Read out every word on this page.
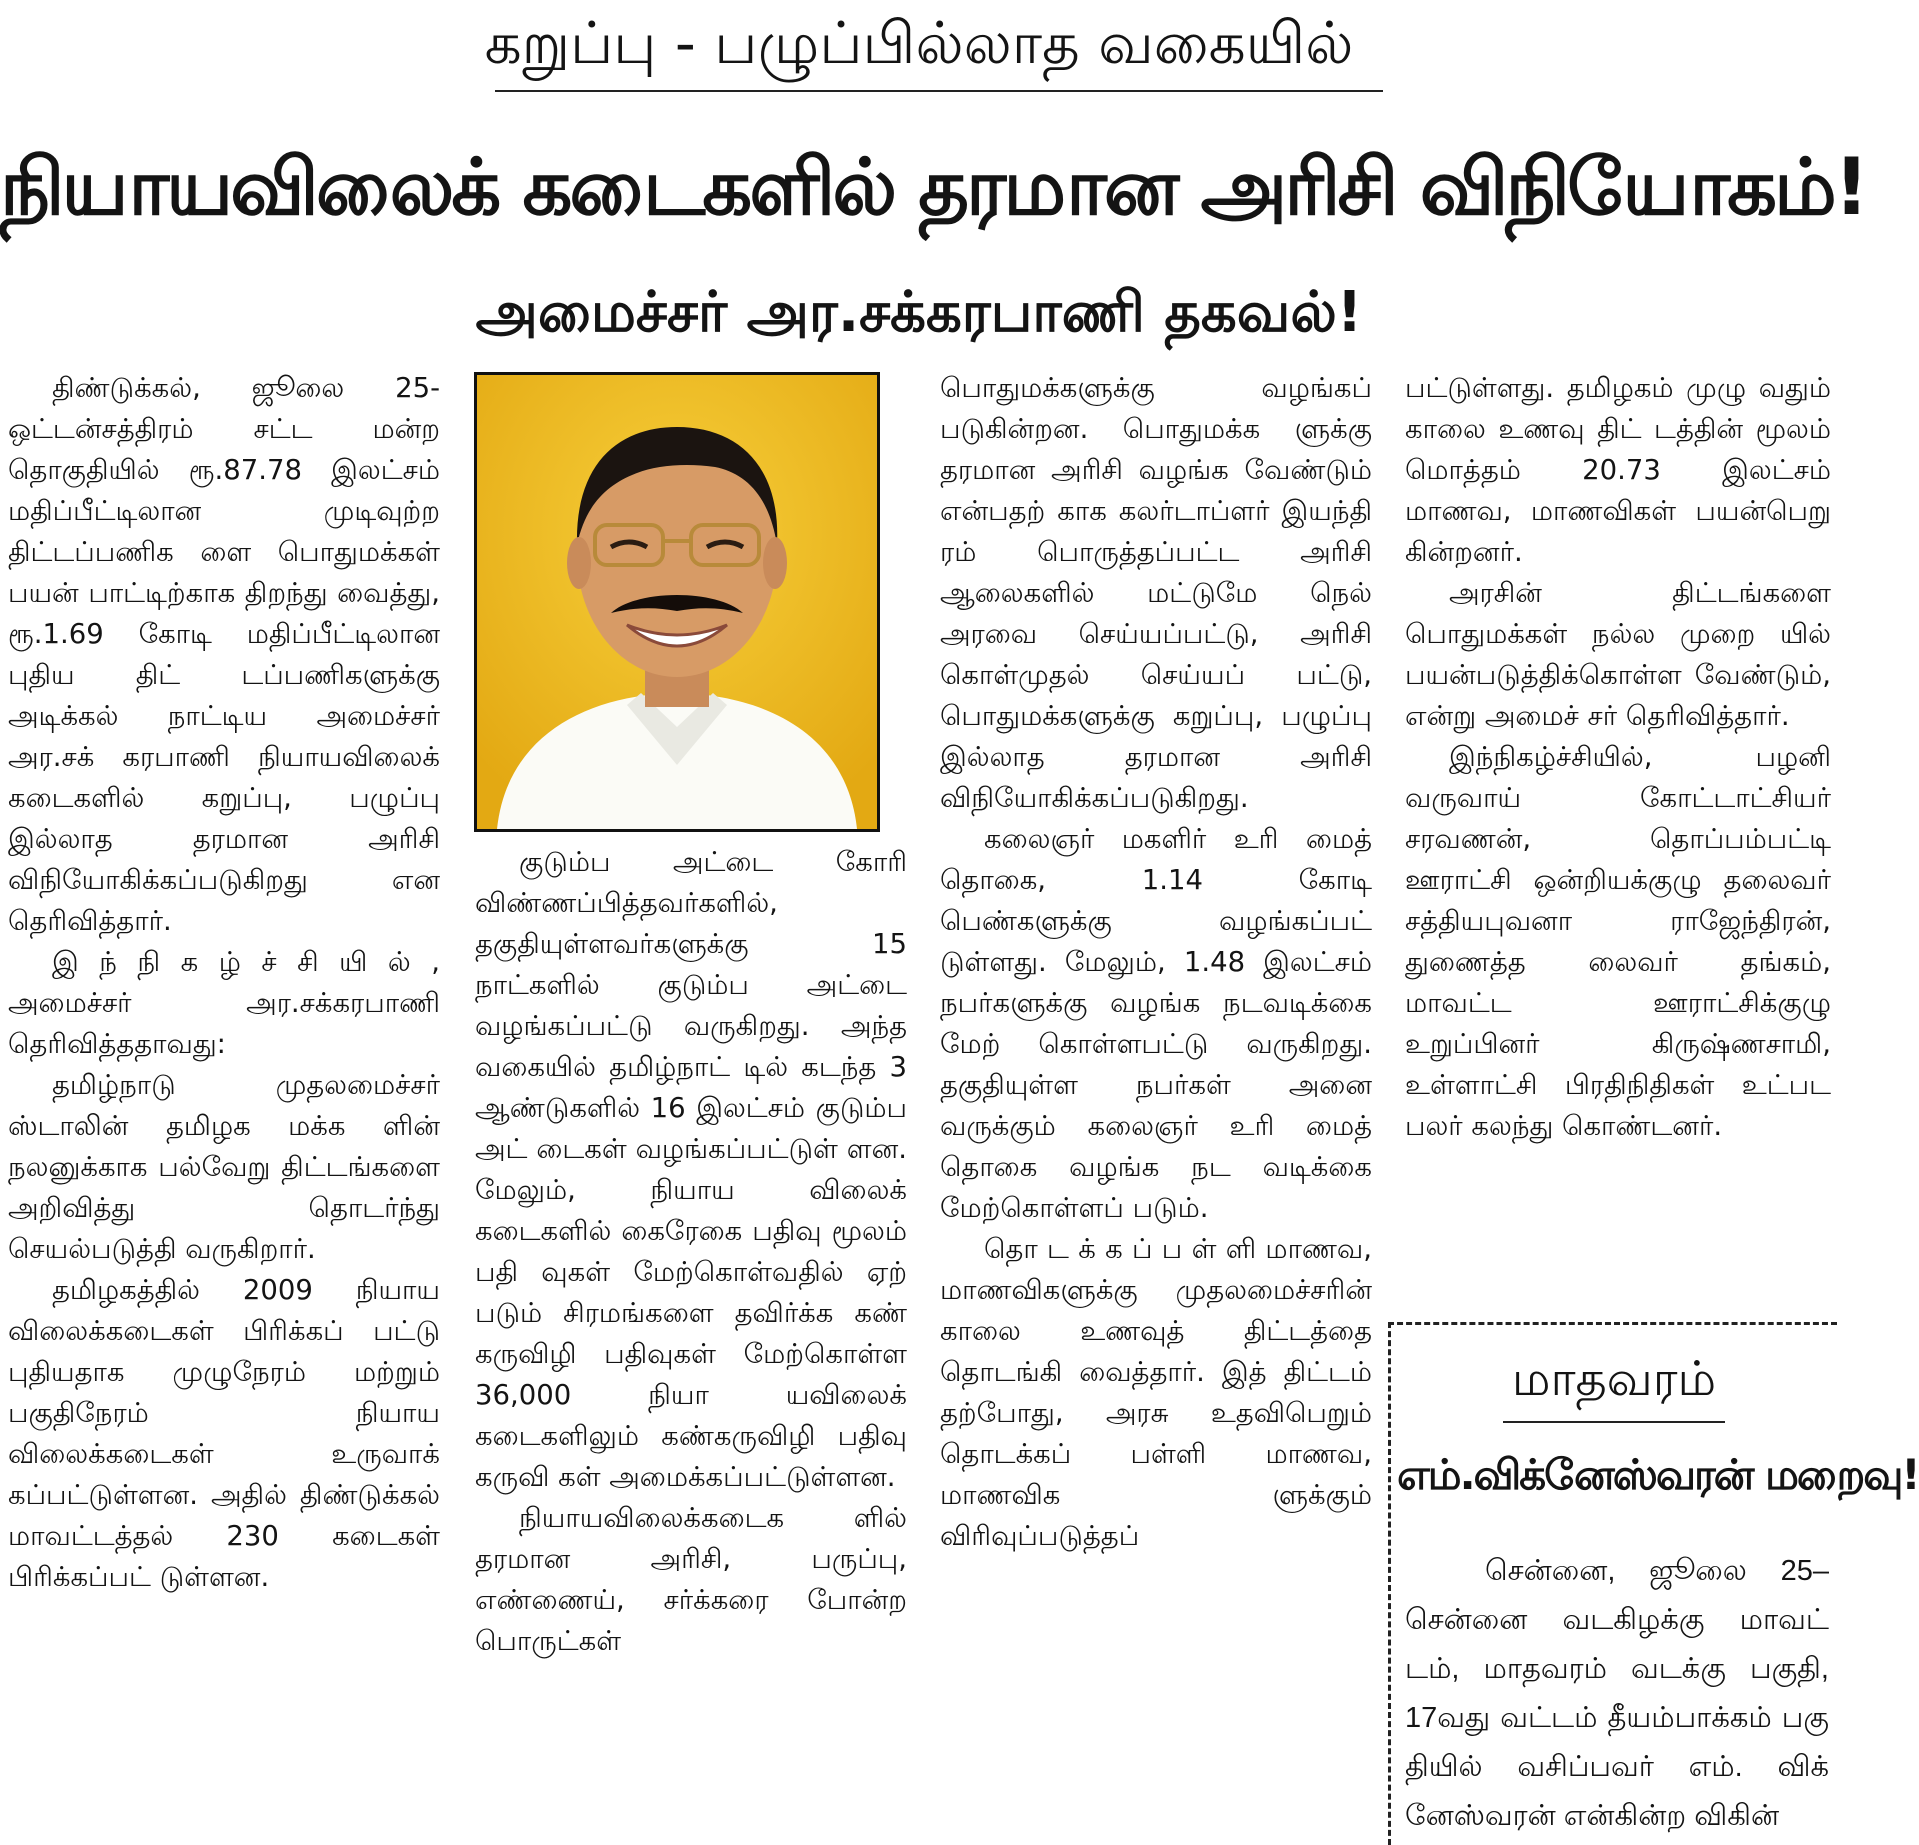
கறுப்பு - பழுப்பில்லாத வகையில்
நியாயவிலைக் கடைகளில் தரமான அரிசி விநியோகம்!
அமைச்சர் அர.சக்கரபாணி தகவல்!

திண்டுக்கல், ஜூலை 25- ஒட்டன்சத்திரம் சட்ட மன்ற தொகுதியில் ரூ.87.78 இலட்சம் மதிப்பீட்டிலான முடிவுற்ற திட்டப்பணிக ளை பொதுமக்கள் பயன் பாட்டிற்காக திறந்து வைத்து, ரூ.1.69 கோடி மதிப்பீட்டிலான புதிய திட் டப்பணிகளுக்கு அடிக்கல் நாட்டிய அமைச்சர் அர.சக் கரபாணி நியாயவிலைக் கடைகளில் கறுப்பு, பழுப்பு இல்லாத தரமான அரிசி விநியோகிக்கப்படுகிறது என தெரிவித்தார்.

இ ந் நி க ழ் ச் சி யி ல் , அமைச்சர் அர.சக்கரபாணி தெரிவித்ததாவது:

தமிழ்நாடு முதலமைச்சர் ஸ்டாலின் தமிழக மக்க ளின் நலனுக்காக பல்வேறு திட்டங்களை அறிவித்து தொடர்ந்து செயல்படுத்தி வருகிறார்.

தமிழகத்தில் 2009 நியாய விலைக்கடைகள் பிரிக்கப் பட்டு புதியதாக முழுநேரம் மற்றும் பகுதிநேரம் நியாய விலைக்கடைகள் உருவாக் கப்பட்டுள்ளன. அதில் திண்டுக்கல் மாவட்டத்தல் 230 கடைகள் பிரிக்கப்பட் டுள்ளன.

குடும்ப அட்டை கோரி விண்ணப்பித்தவர்களில், தகுதியுள்ளவர்களுக்கு 15 நாட்களில் குடும்ப அட்டை வழங்கப்பட்டு வருகிறது. அந்த வகையில் தமிழ்நாட் டில் கடந்த 3 ஆண்டுகளில் 16 இலட்சம் குடும்ப அட் டைகள் வழங்கப்பட்டுள் ளன. மேலும், நியாய விலைக் கடைகளில் கைரேகை பதிவு மூலம் பதி வுகள் மேற்கொள்வதில் ஏற் படும் சிரமங்களை தவிர்க்க கண் கருவிழி பதிவுகள் மேற்கொள்ள 36,000 நியா யவிலைக் கடைகளிலும் கண்கருவிழி பதிவு கருவி கள் அமைக்கப்பட்டுள்ளன.

நியாயவிலைக்கடைக ளில் தரமான அரிசி, பருப்பு, எண்ணைய், சர்க்கரை போன்ற பொருட்கள்

பொதுமக்களுக்கு வழங்கப் படுகின்றன. பொதுமக்க ளுக்கு தரமான அரிசி வழங்க வேண்டும் என்பதற் காக கலர்டாப்ளர் இயந்தி ரம் பொருத்தப்பட்ட அரிசி ஆலைகளில் மட்டுமே நெல் அரவை செய்யப்பட்டு, அரிசி கொள்முதல் செய்யப் பட்டு, பொதுமக்களுக்கு கறுப்பு, பழுப்பு இல்லாத தரமான அரிசி விநியோகிக்கப்படுகிறது.

கலைஞர் மகளிர் உரி மைத் தொகை, 1.14 கோடி பெண்களுக்கு வழங்கப்பட் டுள்ளது. மேலும், 1.48 இலட்சம் நபர்களுக்கு வழங்க நடவடிக்கை மேற் கொள்ளபட்டு வருகிறது. தகுதியுள்ள நபர்கள் அனை வருக்கும் கலைஞர் உரி மைத் தொகை வழங்க நட வடிக்கை மேற்கொள்ளப் படும்.

தொ ட க் க ப் ப ள் ளி மாணவ, மாணவிகளுக்கு முதலமைச்சரின் காலை உணவுத் திட்டத்தை தொடங்கி வைத்தார். இத் திட்டம் தற்போது, அரசு உதவிபெறும் தொடக்கப் பள்ளி மாணவ, மாணவிக ளுக்கும் விரிவுப்படுத்தப்

பட்டுள்ளது. தமிழகம் முழு வதும் காலை உணவு திட் டத்தின் மூலம் மொத்தம் 20.73 இலட்சம் மாணவ, மாணவிகள் பயன்பெறு கின்றனர்.

அரசின் திட்டங்களை பொதுமக்கள் நல்ல முறை யில் பயன்படுத்திக்கொள்ள வேண்டும், என்று அமைச் சர் தெரிவித்தார்.

இந்நிகழ்ச்சியில், பழனி வருவாய் கோட்டாட்சியர் சரவணன், தொப்பம்பட்டி ஊராட்சி ஒன்றியக்குழு தலைவர் சத்தியபுவனா ராஜேந்திரன், துணைத்த லைவர் தங்கம், மாவட்ட ஊராட்சிக்குழு உறுப்பினர் கிருஷ்ணசாமி, உள்ளாட்சி பிரதிநிதிகள் உட்பட பலர் கலந்து கொண்டனர்.

மாதவரம்
எம்.விக்னேஸ்வரன் மறைவு!

சென்னை, ஜூலை 25– சென்னை வடகிழக்கு மாவட் டம், மாதவரம் வடக்கு பகுதி, 17வது வட்டம் தீயம்பாக்கம் பகு தியில் வசிப்பவர் எம். விக் னேஸ்வரன் என்கின்ற விகின்
